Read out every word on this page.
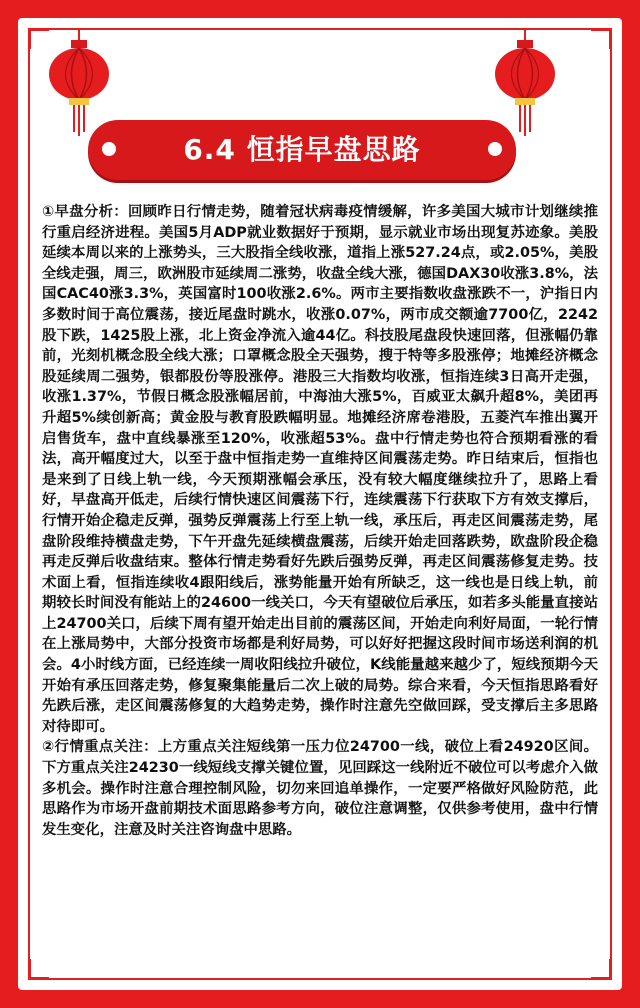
6.4 恒指早盘思路

①早盘分析：回顾昨日行情走势，随着冠状病毒疫情缓解，许多美国大城市计划继续推行重启经济进程。美国5月ADP就业数据好于预期，显示就业市场出现复苏迹象。美股延续本周以来的上涨势头，三大股指全线收涨，道指上涨527.24点，或2.05%，美股全线走强，周三，欧洲股市延续周二涨势，收盘全线大涨，德国DAX30收涨3.8%，法国CAC40涨3.3%，英国富时100收涨2.6%。两市主要指数收盘涨跌不一，沪指日内多数时间于高位震荡，接近尾盘时跳水，收涨0.07%，两市成交额逾7700亿，2242股下跌，1425股上涨，北上资金净流入逾44亿。科技股尾盘段快速回落，但涨幅仍靠前，光刻机概念股全线大涨；口罩概念股全天强势，搜于特等多股涨停；地摊经济概念股延续周二强势，银都股份等股涨停。港股三大指数均收涨，恒指连续3日高开走强，收涨1.37%，节假日概念股涨幅居前，中海油大涨5%，百威亚太飙升超8%，美团再升超5%续创新高；黄金股与教育股跌幅明显。地摊经济席卷港股，五菱汽车推出翼开启售货车，盘中直线暴涨至120%，收涨超53%。盘中行情走势也符合预期看涨的看法，高开幅度过大，以至于盘中恒指走势一直维持区间震荡走势。昨日结束后，恒指也是来到了日线上轨一线，今天预期涨幅会承压，没有较大幅度继续拉升了，思路上看好，早盘高开低走，后续行情快速区间震荡下行，连续震荡下行获取下方有效支撑后，行情开始企稳走反弹，强势反弹震荡上行至上轨一线，承压后，再走区间震荡走势，尾盘阶段维持横盘走势，下午开盘先延续横盘震荡，后续开始走回落跌势，欧盘阶段企稳再走反弹后收盘结束。整体行情走势看好先跌后强势反弹，再走区间震荡修复走势。技术面上看，恒指连续收4跟阳线后，涨势能量开始有所缺乏，这一线也是日线上轨，前期较长时间没有能站上的24600一线关口，今天有望破位后承压，如若多头能量直接站上24700关口，后续下周有望开始走出目前的震荡区间，开始走向利好局面，一轮行情在上涨局势中，大部分投资市场都是利好局势，可以好好把握这段时间市场送利润的机会。4小时线方面，已经连续一周收阳线拉升破位，K线能量越来越少了，短线预期今天开始有承压回落走势，修复聚集能量后二次上破的局势。综合来看，今天恒指思路看好先跌后涨，走区间震荡修复的大趋势走势，操作时注意先空做回踩，受支撑后主多思路对待即可。

②行情重点关注：上方重点关注短线第一压力位24700一线，破位上看24920区间。下方重点关注24230一线短线支撑关键位置，见回踩这一线附近不破位可以考虑介入做多机会。操作时注意合理控制风险，切勿来回追单操作，一定要严格做好风险防范，此思路作为市场开盘前期技术面思路参考方向，破位注意调整，仅供参考使用，盘中行情发生变化，注意及时关注咨询盘中思路。
